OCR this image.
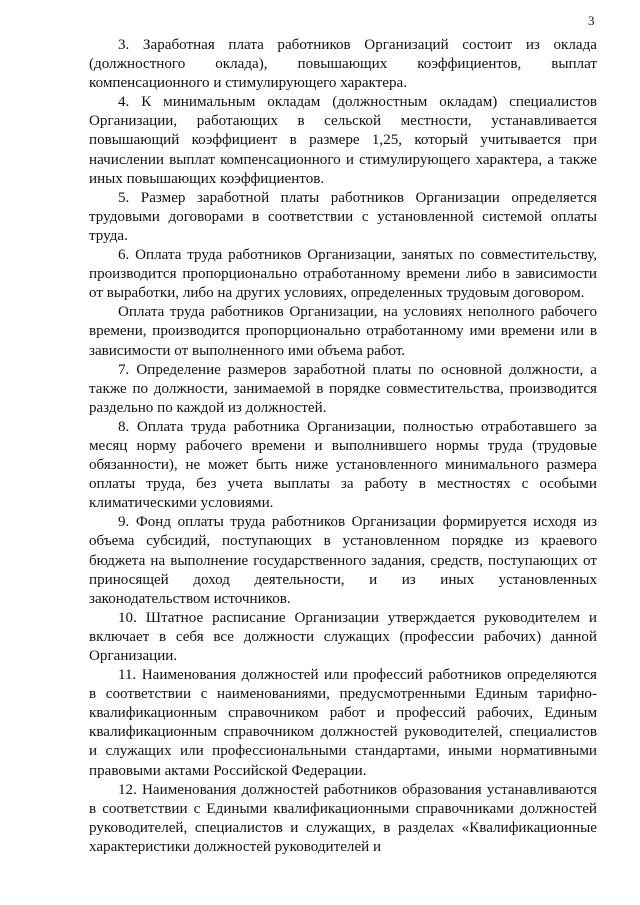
3

3. Заработная плата работников Организаций состоит из оклада (должностного оклада), повышающих коэффициентов, выплат компенсационного и стимулирующего характера.

4. К минимальным окладам (должностным окладам) специалистов Организации, работающих в сельской местности, устанавливается повышающий коэффициент в размере 1,25, который учитывается при начислении выплат компенсационного и стимулирующего характера, а также иных повышающих коэффициентов.

5. Размер заработной платы работников Организации определяется трудовыми договорами в соответствии с установленной системой оплаты труда.

6. Оплата труда работников Организации, занятых по совместительству, производится пропорционально отработанному времени либо в зависимости от выработки, либо на других условиях, определенных трудовым договором.

Оплата труда работников Организации, на условиях неполного рабочего времени, производится пропорционально отработанному ими времени или в зависимости от выполненного ими объема работ.

7. Определение размеров заработной платы по основной должности, а также по должности, занимаемой в порядке совместительства, производится раздельно по каждой из должностей.

8. Оплата труда работника Организации, полностью отработавшего за месяц норму рабочего времени и выполнившего нормы труда (трудовые обязанности), не может быть ниже установленного минимального размера оплаты труда, без учета выплаты за работу в местностях с особыми климатическими условиями.

9. Фонд оплаты труда работников Организации формируется исходя из объема субсидий, поступающих в установленном порядке из краевого бюджета на выполнение государственного задания, средств, поступающих от приносящей доход деятельности, и из иных установленных законодательством источников.

10. Штатное расписание Организации утверждается руководителем и включает в себя все должности служащих (профессии рабочих) данной Организации.

11. Наименования должностей или профессий работников определяются в соответствии с наименованиями, предусмотренными Единым тарифно-квалификационным справочником работ и профессий рабочих, Единым квалификационным справочником должностей руководителей, специалистов и служащих или профессиональными стандартами, иными нормативными правовыми актами Российской Федерации.

12. Наименования должностей работников образования устанавливаются в соответствии с Едиными квалификационными справочниками должностей руководителей, специалистов и служащих, в разделах «Квалификационные характеристики должностей руководителей и
